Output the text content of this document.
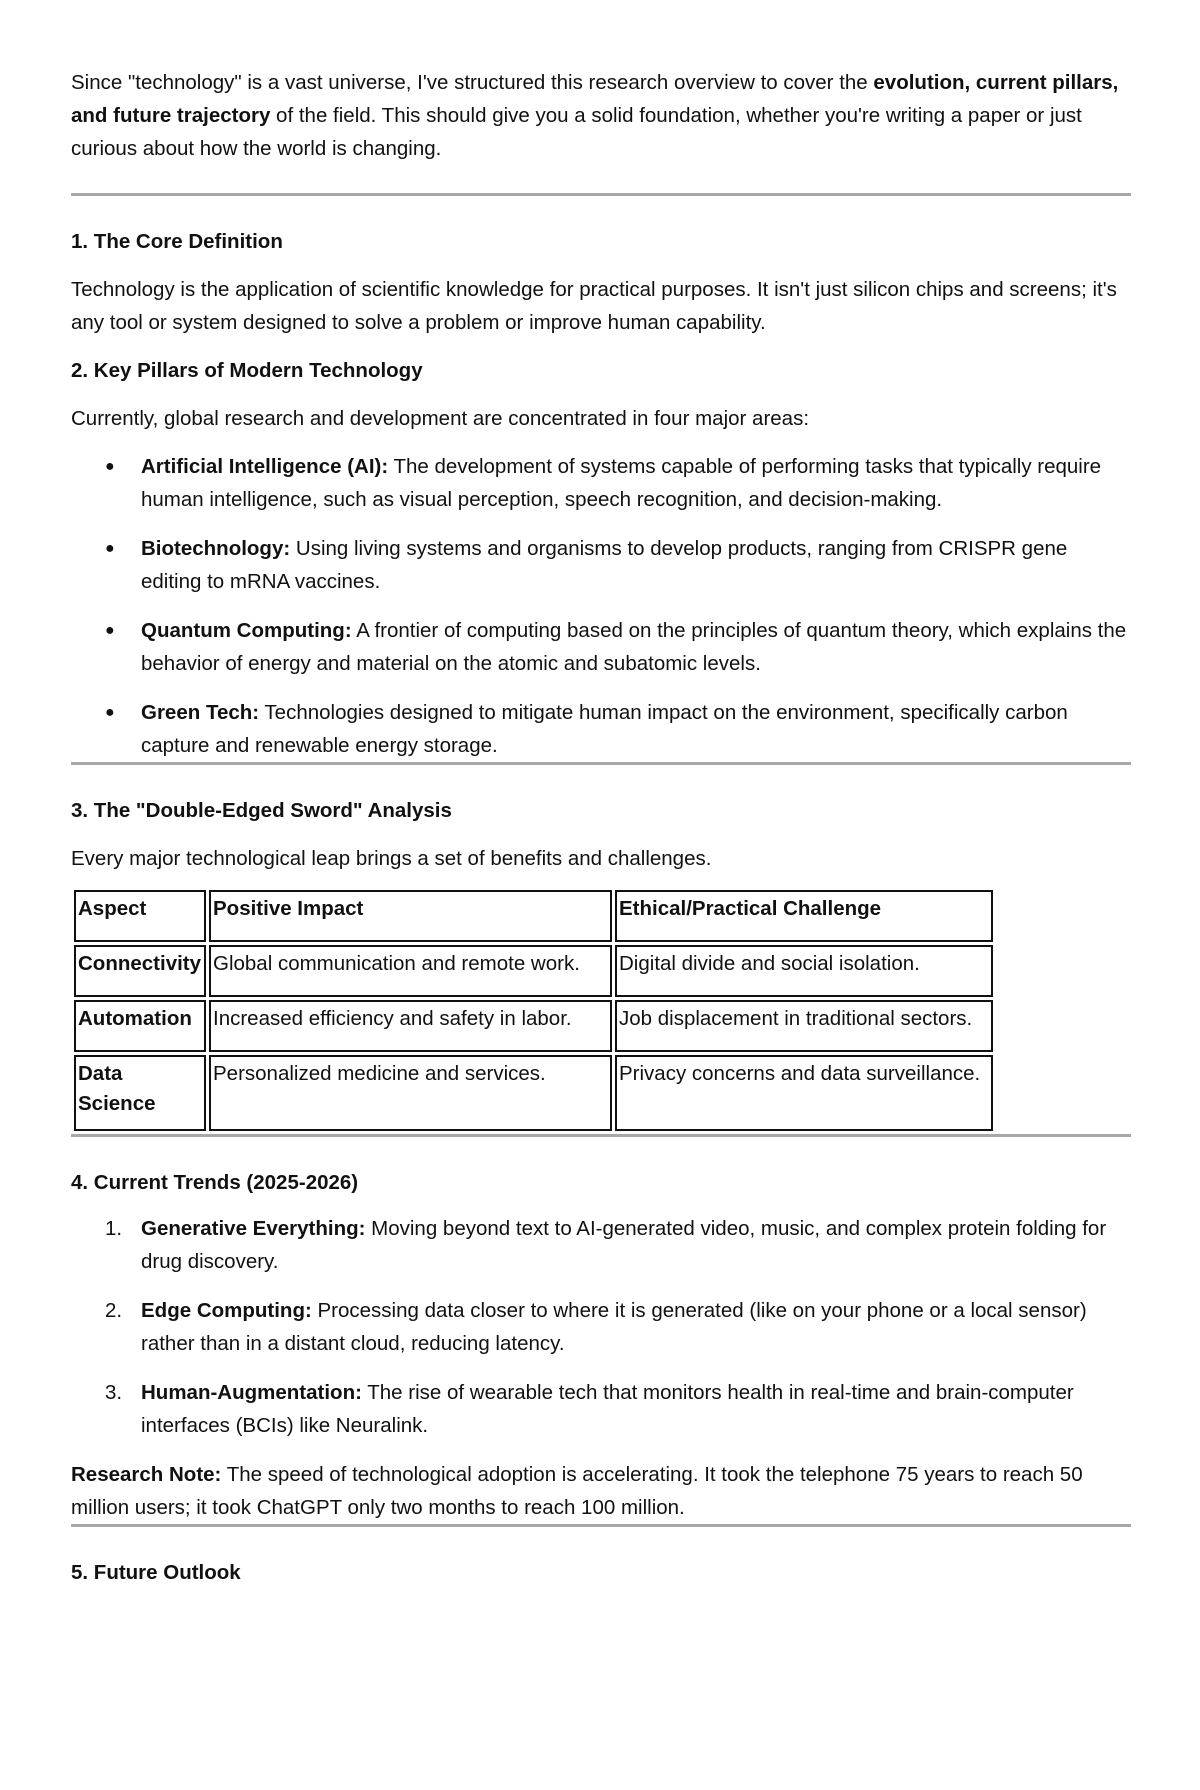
Since "technology" is a vast universe, I've structured this research overview to cover the evolution, current pillars, and future trajectory of the field. This should give you a solid foundation, whether you're writing a paper or just curious about how the world is changing.

1. The Core Definition

Technology is the application of scientific knowledge for practical purposes. It isn't just silicon chips and screens; it's any tool or system designed to solve a problem or improve human capability.

2. Key Pillars of Modern Technology

Currently, global research and development are concentrated in four major areas:

● Artificial Intelligence (AI): The development of systems capable of performing tasks that typically require human intelligence, such as visual perception, speech recognition, and decision-making.
● Biotechnology: Using living systems and organisms to develop products, ranging from CRISPR gene editing to mRNA vaccines.
● Quantum Computing: A frontier of computing based on the principles of quantum theory, which explains the behavior of energy and material on the atomic and subatomic levels.
● Green Tech: Technologies designed to mitigate human impact on the environment, specifically carbon capture and renewable energy storage.
3. The "Double-Edged Sword" Analysis

Every major technological leap brings a set of benefits and challenges.

Aspect	Positive Impact	Ethical/Practical Challenge
Connectivity	Global communication and remote work.	Digital divide and social isolation.
Automation	Increased efficiency and safety in labor.	Job displacement in traditional sectors.
Data Science	Personalized medicine and services.	Privacy concerns and data surveillance.
4. Current Trends (2025-2026)
1. Generative Everything: Moving beyond text to AI-generated video, music, and complex protein folding for drug discovery.
2. Edge Computing: Processing data closer to where it is generated (like on your phone or a local sensor) rather than in a distant cloud, reducing latency.
3. Human-Augmentation: The rise of wearable tech that monitors health in real-time and brain-computer interfaces (BCIs) like Neuralink.

Research Note: The speed of technological adoption is accelerating. It took the telephone 75 years to reach 50 million users; it took ChatGPT only two months to reach 100 million.

5. Future Outlook
